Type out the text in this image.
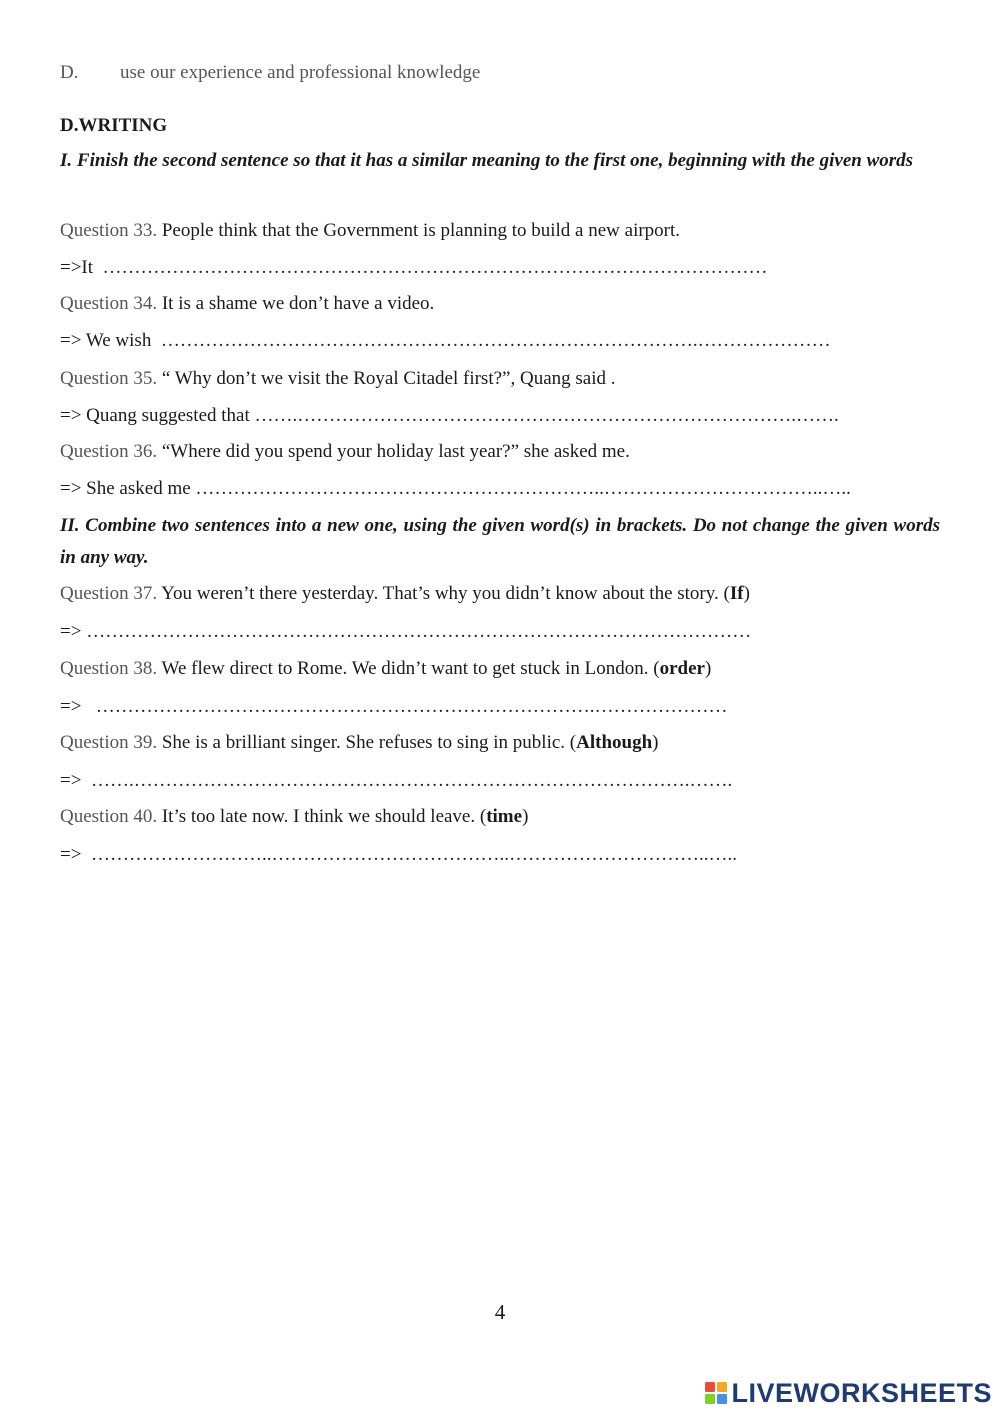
D. use our experience and professional knowledge
D.WRITING
I. Finish the second sentence so that it has a similar meaning to the first one, beginning with the given words
Question 33. People think that the Government is planning to build a new airport.
=>It ……………………………………………………………………………………………
Question 34. It is a shame we don’t have a video.
=> We wish ………………………………………………………………………….…………………
Question 35. “ Why don’t we visit the Royal Citadel first?”, Quang said .
=> Quang suggested that …….…………………………………………………………………….…….
Question 36. “Where did you spend your holiday last year?” she asked me.
=> She asked me ………………………………………………………..……………………………..…..
II. Combine two sentences into a new one, using the given word(s) in brackets. Do not change the given words in any way.
Question 37. You weren’t there yesterday. That’s why you didn’t know about the story. (If)
=> ……………………………………………………………………………………………
Question 38. We flew direct to Rome. We didn’t want to get stuck in London. (order)
=> …………………………………………………………………….…………………
Question 39. She is a brilliant singer. She refuses to sing in public. (Although)
=> …….…………………………………………………………………………….…….
Question 40. It’s too late now. I think we should leave. (time)
=> ………………………..………………………………..…………………………..…..
4
LIVEWORKSHEETS
